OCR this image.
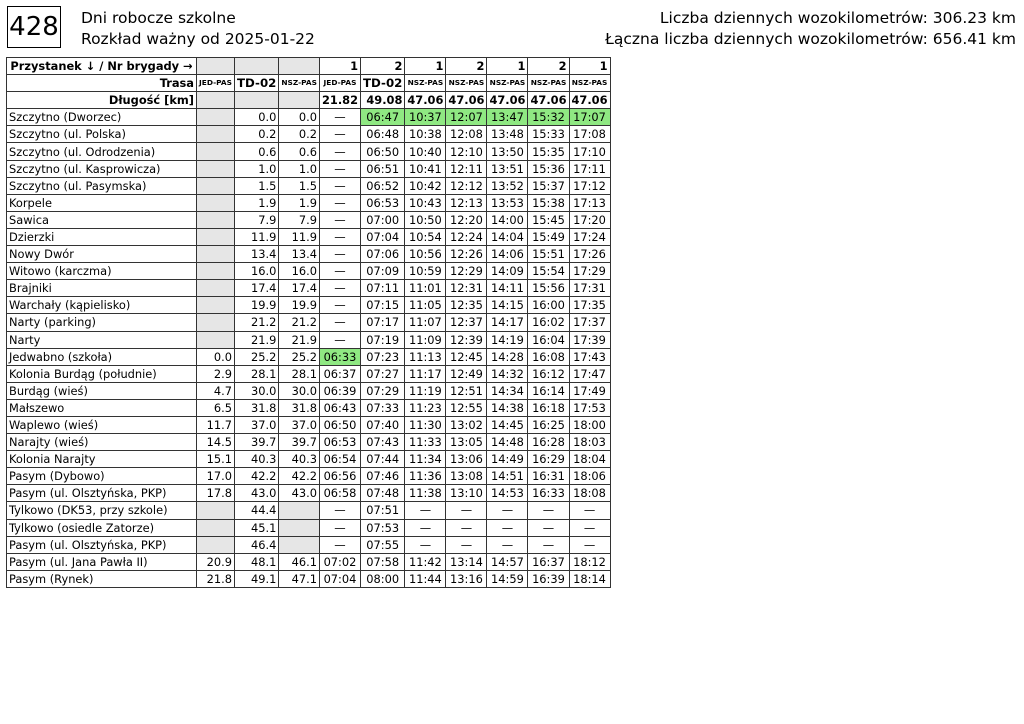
428 Dni robocze szkolne
Rozkład ważny od 2025-01-22
Liczba dziennych wozokilometrów: 306.23 km
Łączna liczba dziennych wozokilometrów: 656.41 km
Przystanek ↓ / Nr brygady →				1	2	1	2	1	2	1
Trasa	JED-PAS	TD-02	NSZ-PAS	JED-PAS	TD-02	NSZ-PAS	NSZ-PAS	NSZ-PAS	NSZ-PAS	NSZ-PAS
Długość [km]				21.82	49.08	47.06	47.06	47.06	47.06	47.06
Szczytno (Dworzec)		0.0	0.0	—	06:47	10:37	12:07	13:47	15:32	17:07
Szczytno (ul. Polska)		0.2	0.2	—	06:48	10:38	12:08	13:48	15:33	17:08
Szczytno (ul. Odrodzenia)		0.6	0.6	—	06:50	10:40	12:10	13:50	15:35	17:10
Szczytno (ul. Kasprowicza)		1.0	1.0	—	06:51	10:41	12:11	13:51	15:36	17:11
Szczytno (ul. Pasymska)		1.5	1.5	—	06:52	10:42	12:12	13:52	15:37	17:12
Korpele		1.9	1.9	—	06:53	10:43	12:13	13:53	15:38	17:13
Sawica		7.9	7.9	—	07:00	10:50	12:20	14:00	15:45	17:20
Dzierzki		11.9	11.9	—	07:04	10:54	12:24	14:04	15:49	17:24
Nowy Dwór		13.4	13.4	—	07:06	10:56	12:26	14:06	15:51	17:26
Witowo (karczma)		16.0	16.0	—	07:09	10:59	12:29	14:09	15:54	17:29
Brajniki		17.4	17.4	—	07:11	11:01	12:31	14:11	15:56	17:31
Warchały (kąpielisko)		19.9	19.9	—	07:15	11:05	12:35	14:15	16:00	17:35
Narty (parking)		21.2	21.2	—	07:17	11:07	12:37	14:17	16:02	17:37
Narty		21.9	21.9	—	07:19	11:09	12:39	14:19	16:04	17:39
Jedwabno (szkoła)	0.0	25.2	25.2	06:33	07:23	11:13	12:45	14:28	16:08	17:43
Kolonia Burdąg (południe)	2.9	28.1	28.1	06:37	07:27	11:17	12:49	14:32	16:12	17:47
Burdąg (wieś)	4.7	30.0	30.0	06:39	07:29	11:19	12:51	14:34	16:14	17:49
Małszewo	6.5	31.8	31.8	06:43	07:33	11:23	12:55	14:38	16:18	17:53
Waplewo (wieś)	11.7	37.0	37.0	06:50	07:40	11:30	13:02	14:45	16:25	18:00
Narajty (wieś)	14.5	39.7	39.7	06:53	07:43	11:33	13:05	14:48	16:28	18:03
Kolonia Narajty	15.1	40.3	40.3	06:54	07:44	11:34	13:06	14:49	16:29	18:04
Pasym (Dybowo)	17.0	42.2	42.2	06:56	07:46	11:36	13:08	14:51	16:31	18:06
Pasym (ul. Olsztyńska, PKP)	17.8	43.0	43.0	06:58	07:48	11:38	13:10	14:53	16:33	18:08
Tylkowo (DK53, przy szkole)		44.4		—	07:51	—	—	—	—	—
Tylkowo (osiedle Zatorze)		45.1		—	07:53	—	—	—	—	—
Pasym (ul. Olsztyńska, PKP)		46.4		—	07:55	—	—	—	—	—
Pasym (ul. Jana Pawła II)	20.9	48.1	46.1	07:02	07:58	11:42	13:14	14:57	16:37	18:12
Pasym (Rynek)	21.8	49.1	47.1	07:04	08:00	11:44	13:16	14:59	16:39	18:14
